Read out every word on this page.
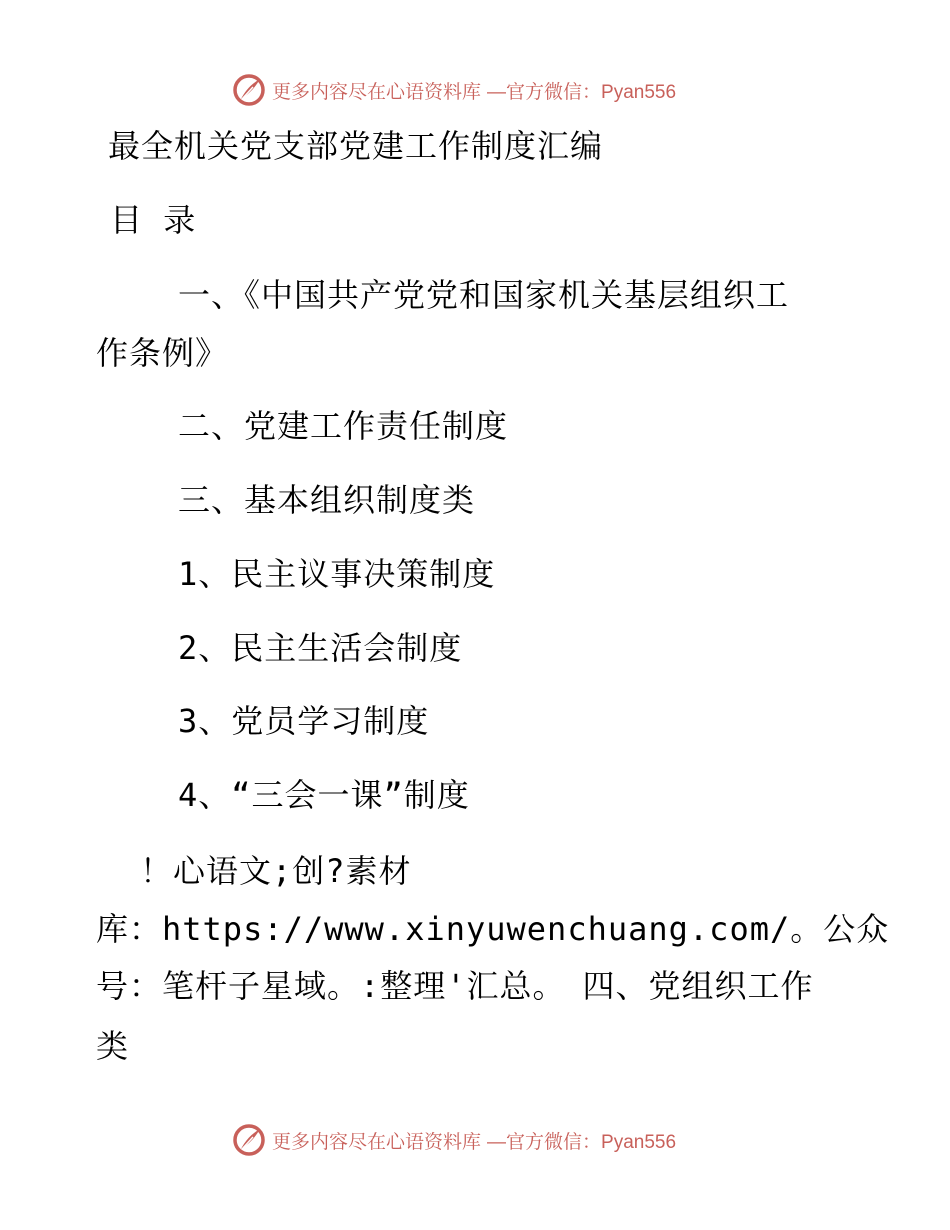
更多内容尽在心语资料库 —官方微信：Pyan556
最全机关党支部党建工作制度汇编
目 录
一、《中国共产党党和国家机关基层组织工
作条例》
二、党建工作责任制度
三、基本组织制度类
1、民主议事决策制度
2、民主生活会制度
3、党员学习制度
4、“三会一课”制度
！心语文;创?素材
库：https://www.xinyuwenchuang.com/。公众
号：笔杆子星域。:整理'汇总。　四、党组织工作
类
更多内容尽在心语资料库 —官方微信：Pyan556
